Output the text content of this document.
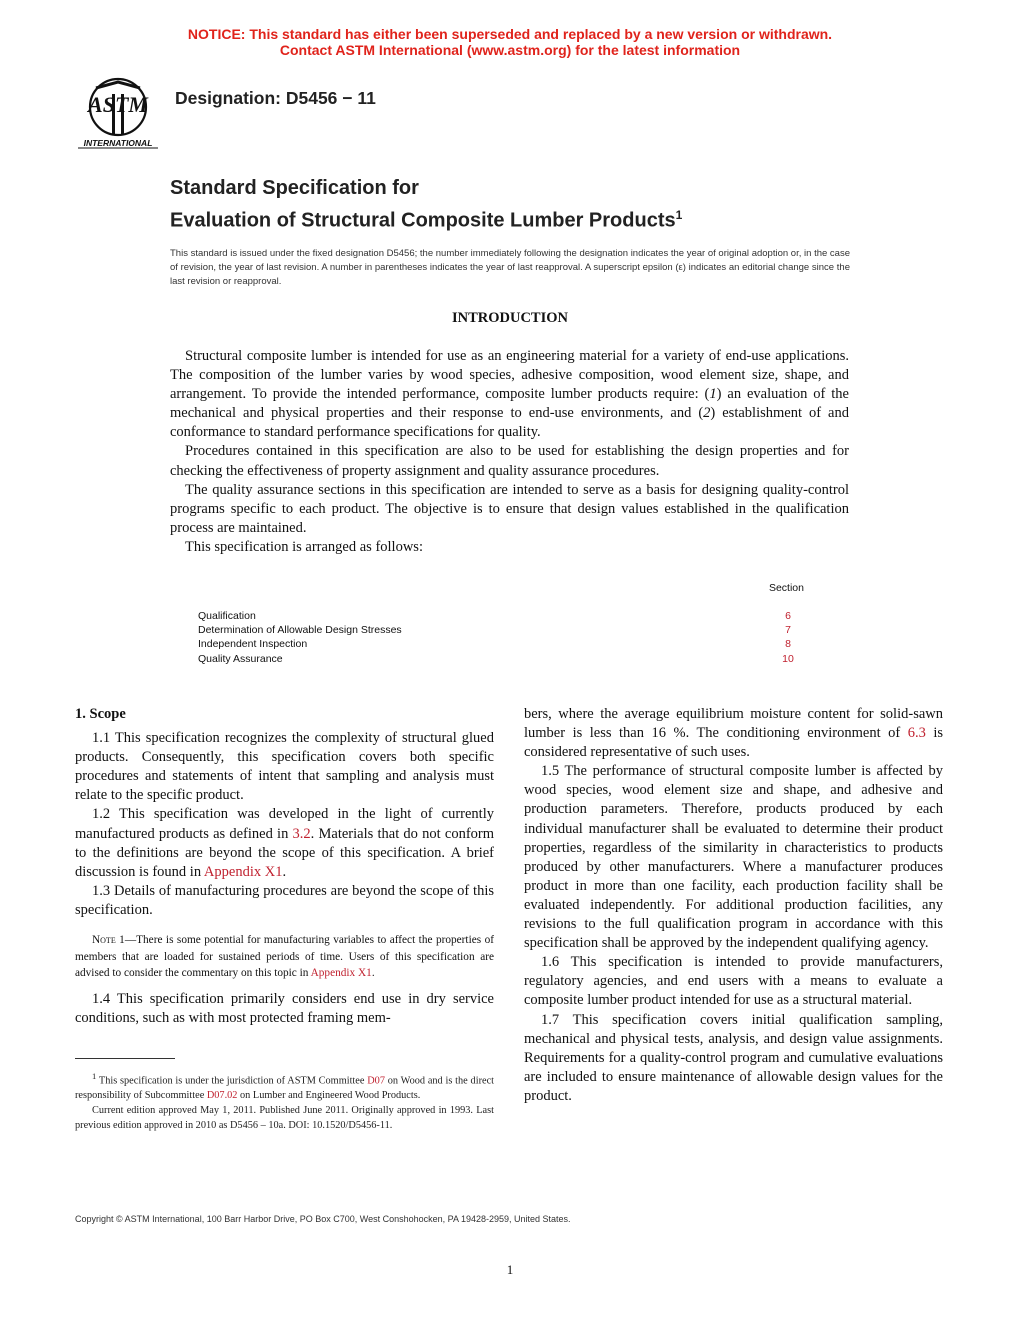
NOTICE: This standard has either been superseded and replaced by a new version or withdrawn.
Contact ASTM International (www.astm.org) for the latest information
ASTM
INTERNATIONAL
Designation: D5456 − 11
Standard Specification for
Evaluation of Structural Composite Lumber Products$^1$
This standard is issued under the fixed designation D5456; the number immediately following the designation indicates the year of original adoption or, in the case of revision, the year of last revision. A number in parentheses indicates the year of last reapproval. A superscript epsilon (ε) indicates an editorial change since the last revision or reapproval.
INTRODUCTION

Structural composite lumber is intended for use as an engineering material for a variety of end-use applications. The composition of the lumber varies by wood species, adhesive composition, wood element size, shape, and arrangement. To provide the intended performance, composite lumber products require: (1) an evaluation of the mechanical and physical properties and their response to end-use environments, and (2) establishment of and conformance to standard performance specifications for quality.

Procedures contained in this specification are also to be used for establishing the design properties and for checking the effectiveness of property assignment and quality assurance procedures.

The quality assurance sections in this specification are intended to serve as a basis for designing quality-control programs specific to each product. The objective is to ensure that design values established in the qualification process are maintained.

This specification is arranged as follows:

Section
Qualification	6
Determination of Allowable Design Stresses	7
Independent Inspection	8
Quality Assurance	10
1. Scope

1.1 This specification recognizes the complexity of structural glued products. Consequently, this specification covers both specific procedures and statements of intent that sampling and analysis must relate to the specific product.

1.2 This specification was developed in the light of currently manufactured products as defined in 3.2. Materials that do not conform to the definitions are beyond the scope of this specification. A brief discussion is found in Appendix X1.

1.3 Details of manufacturing procedures are beyond the scope of this specification.

Note 1—There is some potential for manufacturing variables to affect the properties of members that are loaded for sustained periods of time. Users of this specification are advised to consider the commentary on this topic in Appendix X1.

1.4 This specification primarily considers end use in dry service conditions, such as with most protected framing mem-

$^1$ This specification is under the jurisdiction of ASTM Committee D07 on Wood and is the direct responsibility of Subcommittee D07.02 on Lumber and Engineered Wood Products.

Current edition approved May 1, 2011. Published June 2011. Originally approved in 1993. Last previous edition approved in 2010 as D5456 – 10a. DOI: 10.1520/D5456-11.

bers, where the average equilibrium moisture content for solid-sawn lumber is less than 16 %. The conditioning environment of 6.3 is considered representative of such uses.

1.5 The performance of structural composite lumber is affected by wood species, wood element size and shape, and adhesive and production parameters. Therefore, products produced by each individual manufacturer shall be evaluated to determine their product properties, regardless of the similarity in characteristics to products produced by other manufacturers. Where a manufacturer produces product in more than one facility, each production facility shall be evaluated independently. For additional production facilities, any revisions to the full qualification program in accordance with this specification shall be approved by the independent qualifying agency.

1.6 This specification is intended to provide manufacturers, regulatory agencies, and end users with a means to evaluate a composite lumber product intended for use as a structural material.

1.7 This specification covers initial qualification sampling, mechanical and physical tests, analysis, and design value assignments. Requirements for a quality-control program and cumulative evaluations are included to ensure maintenance of allowable design values for the product.

Copyright © ASTM International, 100 Barr Harbor Drive, PO Box C700, West Conshohocken, PA 19428-2959, United States.
1
